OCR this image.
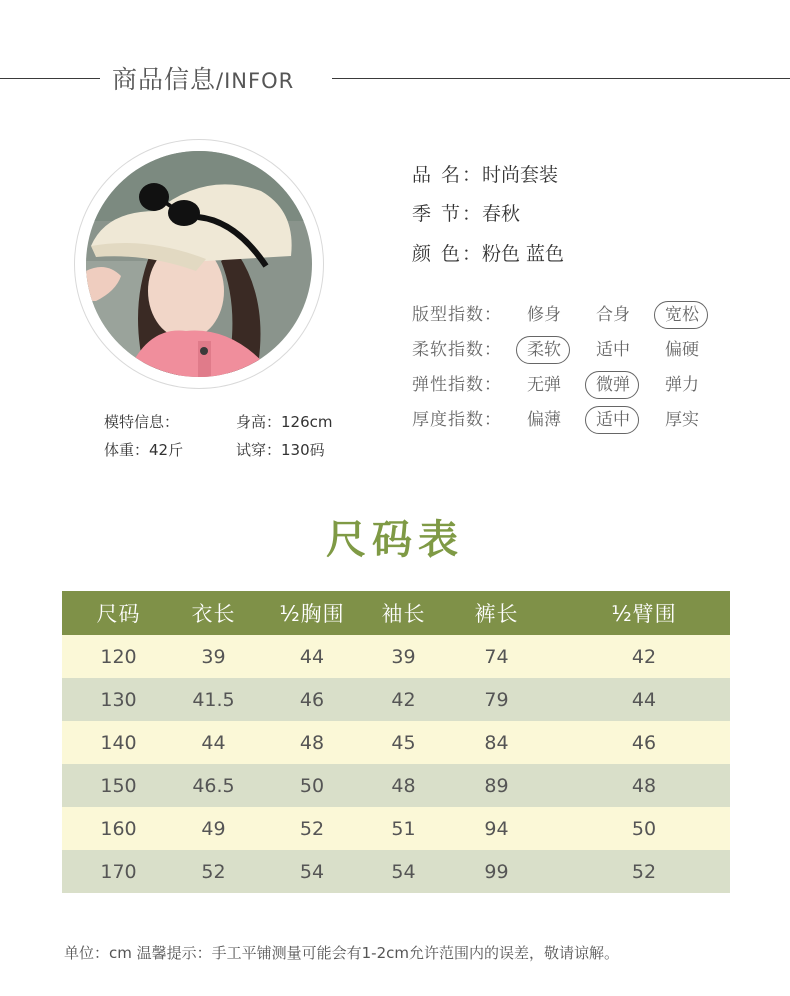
商品信息/INFOR
模特信息：	身高：126cm
体重：42斤	试穿：130码
品 名：时尚套装
季 节：春秋
颜 色：粉色 蓝色
版型指数：	修身	合身	宽松
柔软指数：	柔软	适中	偏硬
弹性指数：	无弹	微弹	弹力
厚度指数：	偏薄	适中	厚实
尺码表
尺码	衣长	½胸围	袖长	裤长	½臂围
120	39	44	39	74	42
130	41.5	46	42	79	44
140	44	48	45	84	46
150	46.5	50	48	89	48
160	49	52	51	94	50
170	52	54	54	99	52
单位：cm 温馨提示：手工平铺测量可能会有1-2cm允许范围内的误差，敬请谅解。
